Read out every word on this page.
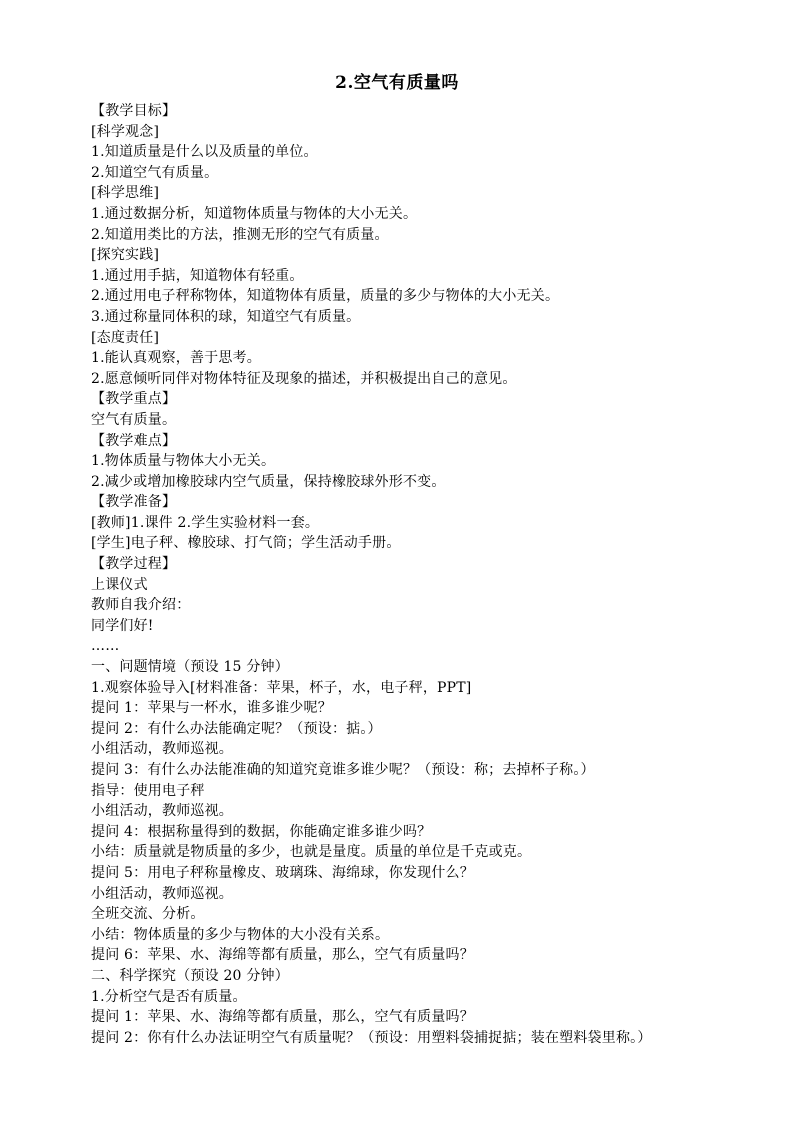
2.空气有质量吗
【教学目标】
[科学观念]
1.知道质量是什么以及质量的单位。
2.知道空气有质量。
[科学思维]
1.通过数据分析，知道物体质量与物体的大小无关。
2.知道用类比的方法，推测无形的空气有质量。
[探究实践]
1.通过用手掂，知道物体有轻重。
2.通过用电子秤称物体，知道物体有质量，质量的多少与物体的大小无关。
3.通过称量同体积的球，知道空气有质量。
[态度责任]
1.能认真观察，善于思考。
2.愿意倾听同伴对物体特征及现象的描述，并积极提出自己的意见。
【教学重点】
空气有质量。
【教学难点】
1.物体质量与物体大小无关。
2.减少或增加橡胶球内空气质量，保持橡胶球外形不变。
【教学准备】
[教师]1.课件 2.学生实验材料一套。
[学生]电子秤、橡胶球、打气筒；学生活动手册。
【教学过程】
上课仪式
教师自我介绍：
同学们好!
……
一、问题情境（预设 15 分钟）
1.观察体验导入[材料准备：苹果，杯子，水，电子秤，PPT]
提问 1：苹果与一杯水，谁多谁少呢？
提问 2：有什么办法能确定呢？（预设：掂。）
小组活动，教师巡视。
提问 3：有什么办法能准确的知道究竟谁多谁少呢？（预设：称；去掉杯子称。）
指导：使用电子秤
小组活动，教师巡视。
提问 4：根据称量得到的数据，你能确定谁多谁少吗？
小结：质量就是物质量的多少，也就是量度。质量的单位是千克或克。
提问 5：用电子秤称量橡皮、玻璃珠、海绵球，你发现什么？
小组活动，教师巡视。
全班交流、分析。
小结：物体质量的多少与物体的大小没有关系。
提问 6：苹果、水、海绵等都有质量，那么，空气有质量吗？
二、科学探究（预设 20 分钟）
1.分析空气是否有质量。
提问 1：苹果、水、海绵等都有质量，那么，空气有质量吗？
提问 2：你有什么办法证明空气有质量呢？（预设：用塑料袋捕捉掂；装在塑料袋里称。）
